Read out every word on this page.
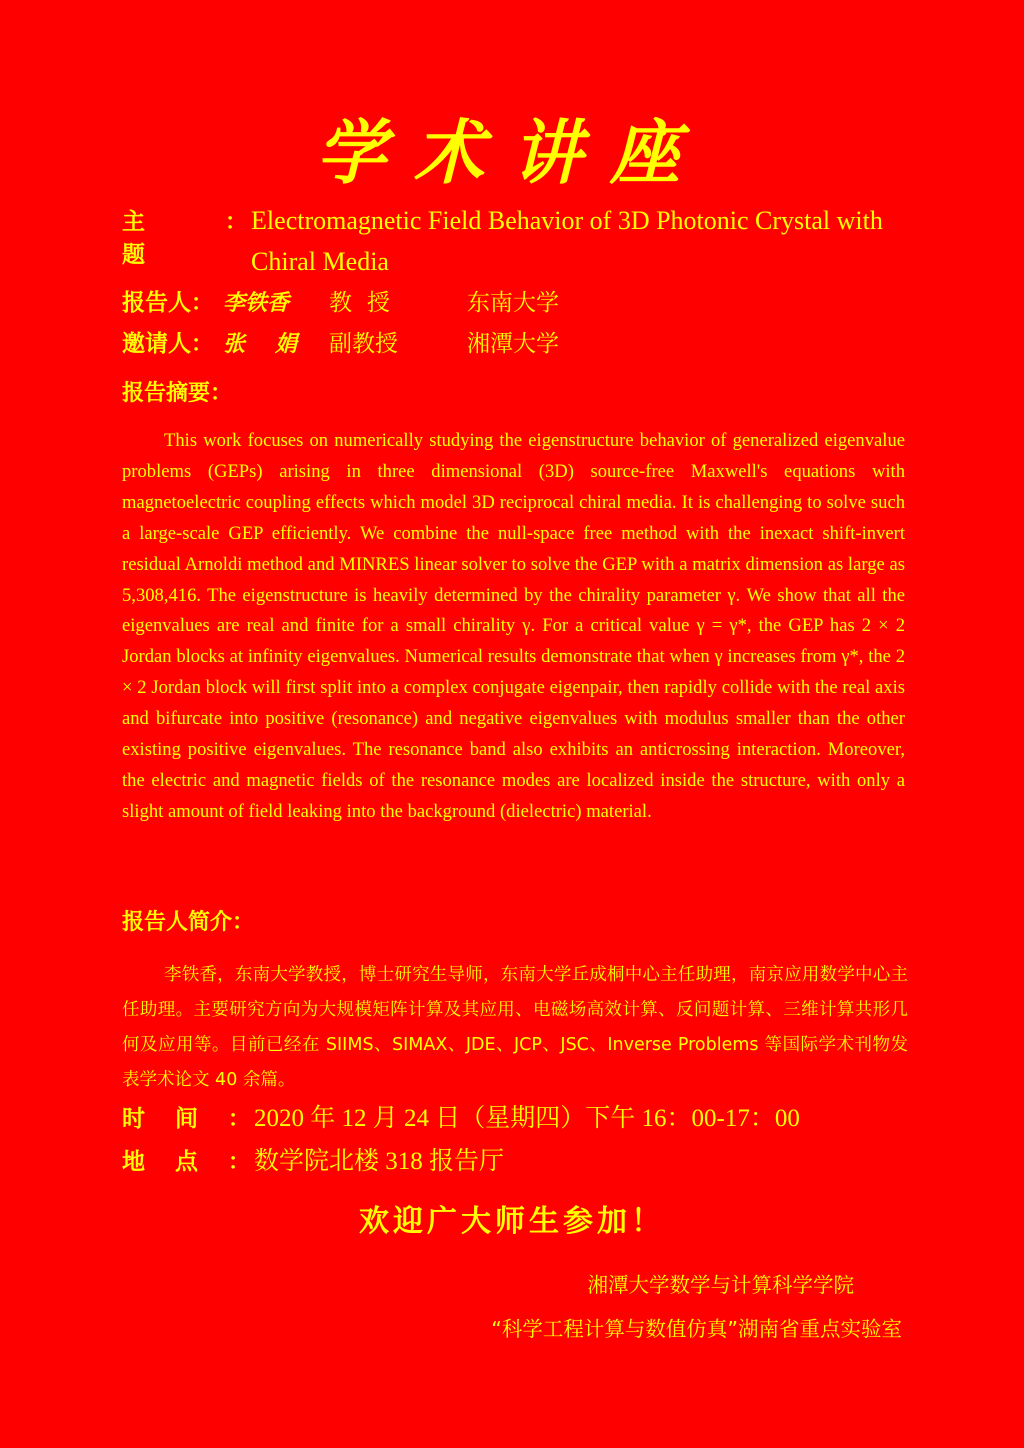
学术讲座
主题
： Electromagnetic Field Behavior of 3D Photonic Crystal with Chiral Media
报告人 ： 李铁香	教授	东南大学
邀请人 ： 张娟 副教授	湘潭大学
报告摘要：

This work focuses on numerically studying the eigenstructure behavior of generalized eigenvalue problems (GEPs) arising in three dimensional (3D) source-free Maxwell's equations with magnetoelectric coupling effects which model 3D reciprocal chiral media. It is challenging to solve such a large-scale GEP efficiently. We combine the null-space free method with the inexact shift-invert residual Arnoldi method and MINRES linear solver to solve the GEP with a matrix dimension as large as 5,308,416. The eigenstructure is heavily determined by the chirality parameter γ. We show that all the eigenvalues are real and finite for a small chirality γ. For a critical value γ = γ*, the GEP has 2 × 2 Jordan blocks at infinity eigenvalues. Numerical results demonstrate that when γ increases from γ*, the 2 × 2 Jordan block will first split into a complex conjugate eigenpair, then rapidly collide with the real axis and bifurcate into positive (resonance) and negative eigenvalues with modulus smaller than the other existing positive eigenvalues. The resonance band also exhibits an anticrossing interaction. Moreover, the electric and magnetic fields of the resonance modes are localized inside the structure, with only a slight amount of field leaking into the background (dielectric) material.

报告人简介：

李铁香，东南大学教授，博士研究生导师，东南大学丘成桐中心主任助理，南京应用数学中心主任助理。主要研究方向为大规模矩阵计算及其应用、电磁场高效计算、反问题计算、三维计算共形几何及应用等。目前已经在 SIIMS、SIMAX、JDE、JCP、JSC、Inverse Problems 等国际学术刊物发表学术论文 40 余篇。

时间 ： 2020 年 12 月 24 日（星期四）下午 16：00-17：00
地点 ： 数学院北楼 318 报告厅
欢迎广大师生参加！
湘潭大学数学与计算科学学院
“科学工程计算与数值仿真”湖南省重点实验室
